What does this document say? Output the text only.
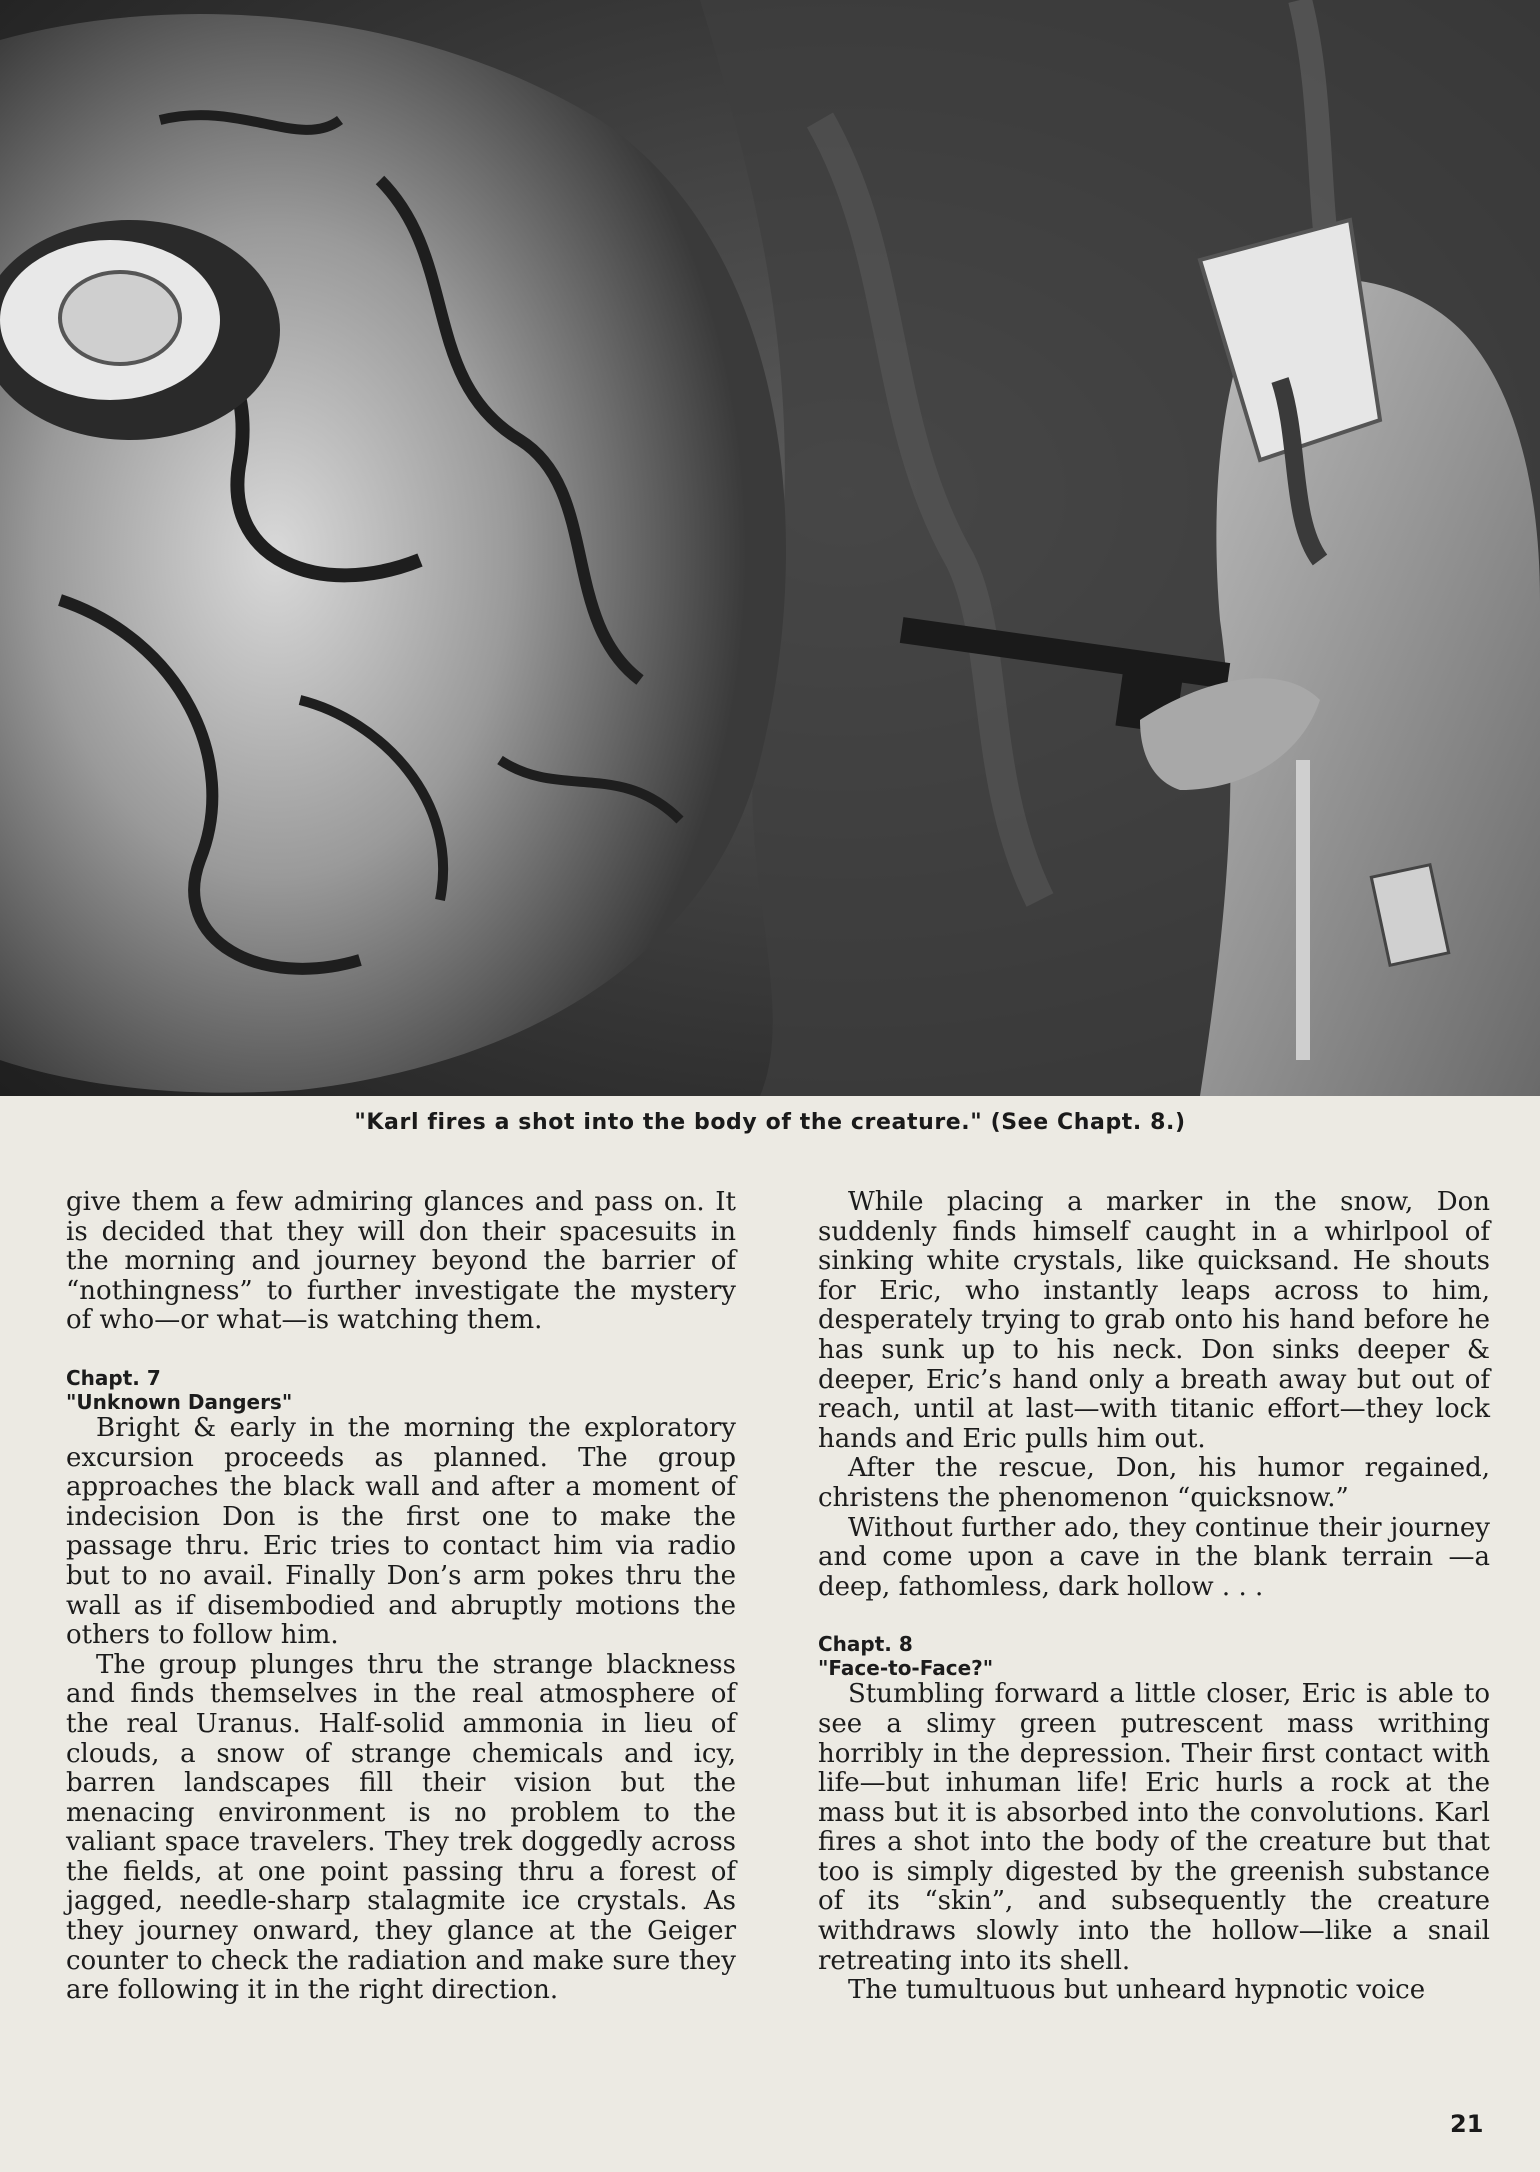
"Karl fires a shot into the body of the creature." (See Chapt. 8.)

give them a few admiring glances and pass on. It is decided that they will don their spacesuits in the morning and journey beyond the barrier of “nothingness” to further investigate the mystery of who—or what—is watching them.

Chapt. 7
"Unknown Dangers"

Bright & early in the morning the exploratory excursion proceeds as planned. The group approaches the black wall and after a moment of indecision Don is the first one to make the passage thru. Eric tries to contact him via radio but to no avail. Finally Don’s arm pokes thru the wall as if disembodied and abruptly motions the others to follow him.

The group plunges thru the strange blackness and finds themselves in the real atmosphere of the real Uranus. Half-solid ammonia in lieu of clouds, a snow of strange chemicals and icy, barren landscapes fill their vision but the menacing environment is no problem to the valiant space travelers. They trek doggedly across the fields, at one point passing thru a forest of jagged, needle-sharp stalagmite ice crystals. As they journey onward, they glance at the Geiger counter to check the radiation and make sure they are following it in the right direction.

While placing a marker in the snow, Don suddenly finds himself caught in a whirlpool of sinking white crystals, like quicksand. He shouts for Eric, who instantly leaps across to him, desperately trying to grab onto his hand before he has sunk up to his neck. Don sinks deeper & deeper, Eric’s hand only a breath away but out of reach, until at last—with titanic effort—they lock hands and Eric pulls him out.

After the rescue, Don, his humor regained, christens the phenomenon “quicksnow.”

Without further ado, they continue their journey and come upon a cave in the blank terrain —a deep, fathomless, dark hollow . . .

Chapt. 8
"Face-to-Face?"

Stumbling forward a little closer, Eric is able to see a slimy green putrescent mass writhing horribly in the depression. Their first contact with life—but inhuman life! Eric hurls a rock at the mass but it is absorbed into the convolutions. Karl fires a shot into the body of the creature but that too is simply digested by the greenish substance of its “skin”, and subsequently the creature withdraws slowly into the hollow—like a snail retreating into its shell.

The tumultuous but unheard hypnotic voice

21
